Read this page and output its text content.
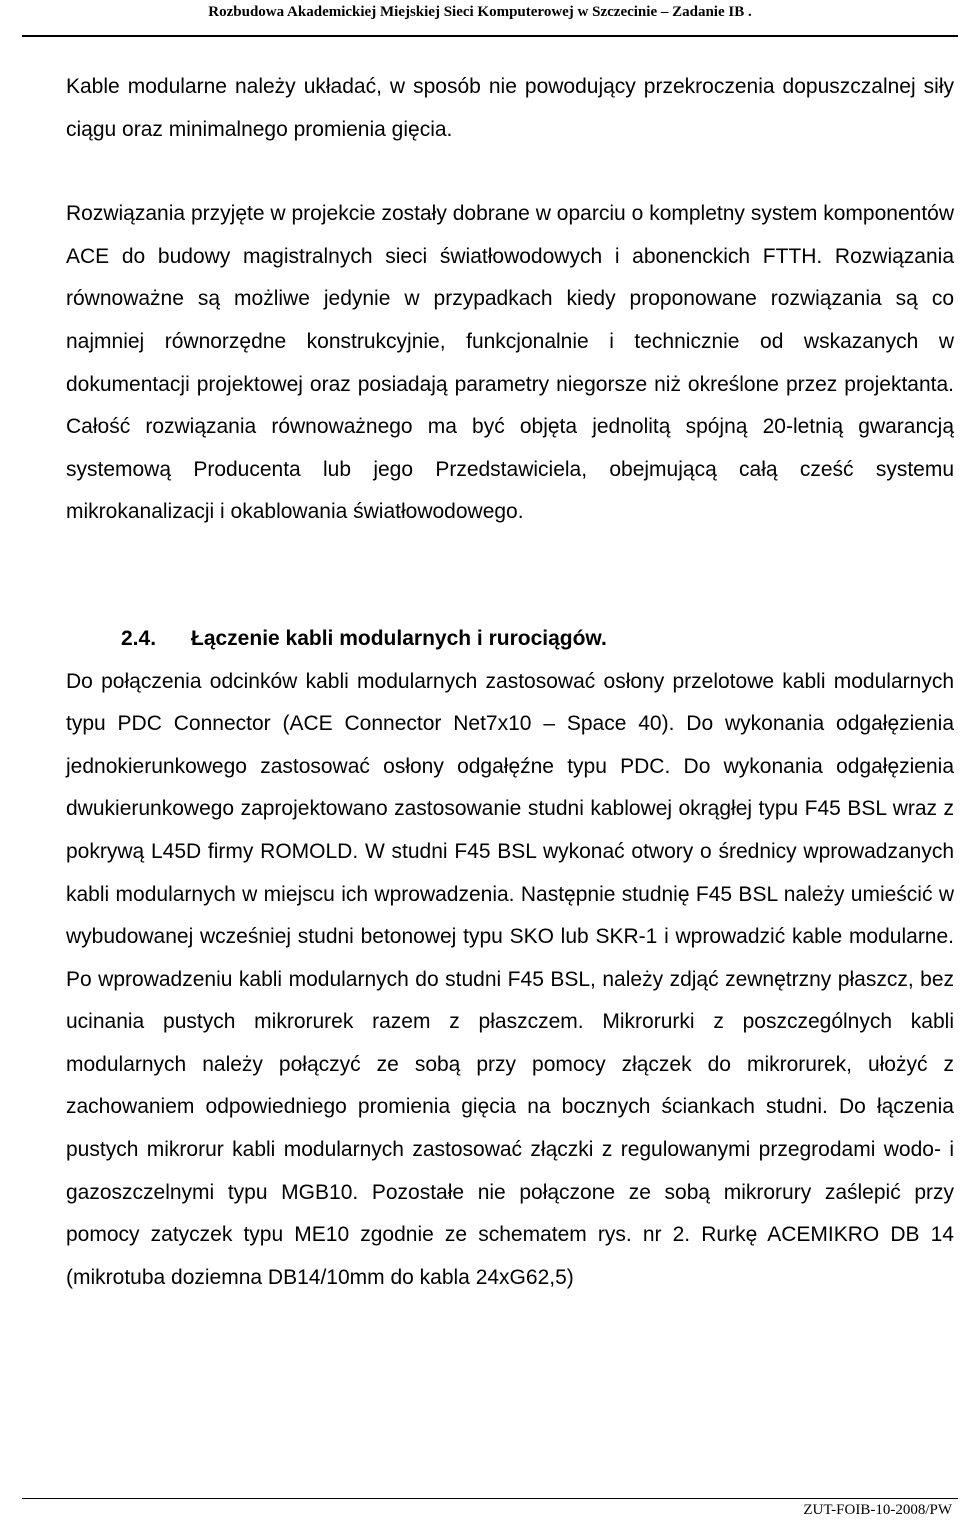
Rozbudowa Akademickiej Miejskiej Sieci Komputerowej w Szczecinie – Zadanie IB .

Kable modularne należy układać, w sposób nie powodujący przekroczenia dopuszczalnej siły ciągu oraz minimalnego promienia gięcia.

Rozwiązania przyjęte w projekcie zostały dobrane w oparciu o kompletny system komponentów ACE do budowy magistralnych sieci światłowodowych i abonenckich FTTH. Rozwiązania równoważne są możliwe jedynie w przypadkach kiedy proponowane rozwiązania są co najmniej równorzędne konstrukcyjnie, funkcjonalnie i technicznie od wskazanych w dokumentacji projektowej oraz posiadają parametry niegorsze niż określone przez projektanta. Całość rozwiązania równoważnego ma być objęta jednolitą spójną 20-letnią gwarancją systemową Producenta lub jego Przedstawiciela, obejmującą całą cześć systemu mikrokanalizacji i okablowania światłowodowego.

2.4. Łączenie kabli modularnych i rurociągów.

Do połączenia odcinków kabli modularnych zastosować osłony przelotowe kabli modularnych typu PDC Connector (ACE Connector Net7x10 – Space 40). Do wykonania odgałęzienia jednokierunkowego zastosować osłony odgałęźne typu PDC. Do wykonania odgałęzienia dwukierunkowego zaprojektowano zastosowanie studni kablowej okrągłej typu F45 BSL wraz z pokrywą L45D firmy ROMOLD. W studni F45 BSL wykonać otwory o średnicy wprowadzanych kabli modularnych w miejscu ich wprowadzenia. Następnie studnię F45 BSL należy umieścić w wybudowanej wcześniej studni betonowej typu SKO lub SKR-1 i wprowadzić kable modularne. Po wprowadzeniu kabli modularnych do studni F45 BSL, należy zdjąć zewnętrzny płaszcz, bez ucinania pustych mikrorurek razem z płaszczem. Mikrorurki z poszczególnych kabli modularnych należy połączyć ze sobą przy pomocy złączek do mikrorurek, ułożyć z zachowaniem odpowiedniego promienia gięcia na bocznych ściankach studni. Do łączenia pustych mikrorur kabli modularnych zastosować złączki z regulowanymi przegrodami wodo- i gazoszczelnymi typu MGB10. Pozostałe nie połączone ze sobą mikrorury zaślepić przy pomocy zatyczek typu ME10 zgodnie ze schematem rys. nr 2. Rurkę ACEMIKRO DB 14 (mikrotuba doziemna DB14/10mm do kabla 24xG62,5)

ZUT-FOIB-10-2008/PW
